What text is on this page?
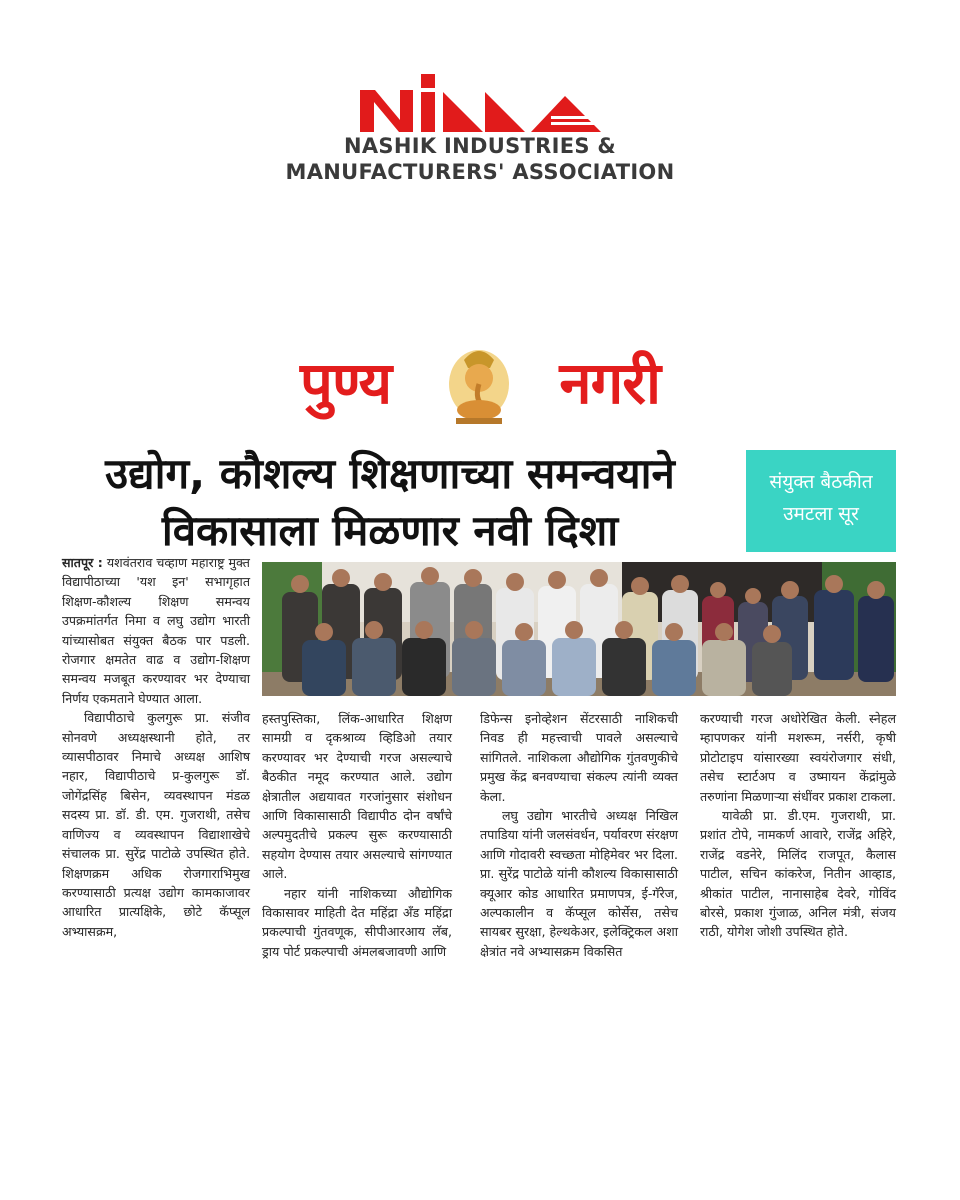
NASHIK INDUSTRIES &
MANUFACTURERS' ASSOCIATION
पुण्य	नगरी
उद्योग, कौशल्य शिक्षणाच्या समन्वयाने
विकासाला मिळणार नवी दिशा
संयुक्त बैठकीत
उमटला सूर

सातपूर : यशवंतराव चव्हाण महाराष्ट्र मुक्त विद्यापीठाच्या 'यश इन' सभागृहात शिक्षण-कौशल्य शिक्षण समन्वय उपक्रमांतर्गत निमा व लघु उद्योग भारती यांच्यासोबत संयुक्त बैठक पार पडली. रोजगार क्षमतेत वाढ व उद्योग-शिक्षण समन्वय मजबूत करण्यावर भर देण्याचा निर्णय एकमताने घेण्यात आला.

विद्यापीठाचे कुलगुरू प्रा. संजीव सोनवणे अध्यक्षस्थानी होते, तर व्यासपीठावर निमाचे अध्यक्ष आशिष नहार, विद्यापीठाचे प्र-कुलगुरू डॉ. जोगेंद्रसिंह बिसेन, व्यवस्थापन मंडळ सदस्य प्रा. डॉ. डी. एम. गुजराथी, तसेच वाणिज्य व व्यवस्थापन विद्याशाखेचे संचालक प्रा. सुरेंद्र पाटोळे उपस्थित होते. शिक्षणक्रम अधिक रोजगाराभिमुख करण्यासाठी प्रत्यक्ष उद्योग कामकाजावर आधारित प्रात्यक्षिके, छोटे कॅप्सूल अभ्यासक्रम,

हस्तपुस्तिका, लिंक-आधारित शिक्षण सामग्री व दृकश्राव्य व्हिडिओ तयार करण्यावर भर देण्याची गरज असल्याचे बैठकीत नमूद करण्यात आले. उद्योग क्षेत्रातील अद्ययावत गरजांनुसार संशोधन आणि विकासासाठी विद्यापीठ दोन वर्षांचे अल्पमुदतीचे प्रकल्प सुरू करण्यासाठी सहयोग देण्यास तयार असल्याचे सांगण्यात आले.

नहार यांनी नाशिकच्या औद्योगिक विकासावर माहिती देत महिंद्रा अँड महिंद्रा प्रकल्पाची गुंतवणूक, सीपीआरआय लॅब, ड्राय पोर्ट प्रकल्पाची अंमलबजावणी आणि

डिफेन्स इनोव्हेशन सेंटरसाठी नाशिकची निवड ही महत्त्वाची पावले असल्याचे सांगितले. नाशिकला औद्योगिक गुंतवणुकीचे प्रमुख केंद्र बनवण्याचा संकल्प त्यांनी व्यक्त केला.

लघु उद्योग भारतीचे अध्यक्ष निखिल तपाडिया यांनी जलसंवर्धन, पर्यावरण संरक्षण आणि गोदावरी स्वच्छता मोहिमेवर भर दिला. प्रा. सुरेंद्र पाटोळे यांनी कौशल्य विकासासाठी क्यूआर कोड आधारित प्रमाणपत्र, ई-गॅरेज, अल्पकालीन व कॅप्सूल कोर्सेस, तसेच सायबर सुरक्षा, हेल्थकेअर, इलेक्ट्रिकल अशा क्षेत्रांत नवे अभ्यासक्रम विकसित

करण्याची गरज अधोरेखित केली. स्नेहल म्हापणकर यांनी मशरूम, नर्सरी, कृषी प्रोटोटाइप यांसारख्या स्वयंरोजगार संधी, तसेच स्टार्टअप व उष्मायन केंद्रांमुळे तरुणांना मिळणाऱ्या संधींवर प्रकाश टाकला.

यावेळी प्रा. डी.एम. गुजराथी, प्रा. प्रशांत टोपे, नामकर्ण आवारे, राजेंद्र अहिरे, राजेंद्र वडनेरे, मिलिंद राजपूत, कैलास पाटील, सचिन कांकरेज, नितीन आव्हाड, श्रीकांत पाटील, नानासाहेब देवरे, गोविंद बोरसे, प्रकाश गुंजाळ, अनिल मंत्री, संजय राठी, योगेश जोशी उपस्थित होते.
